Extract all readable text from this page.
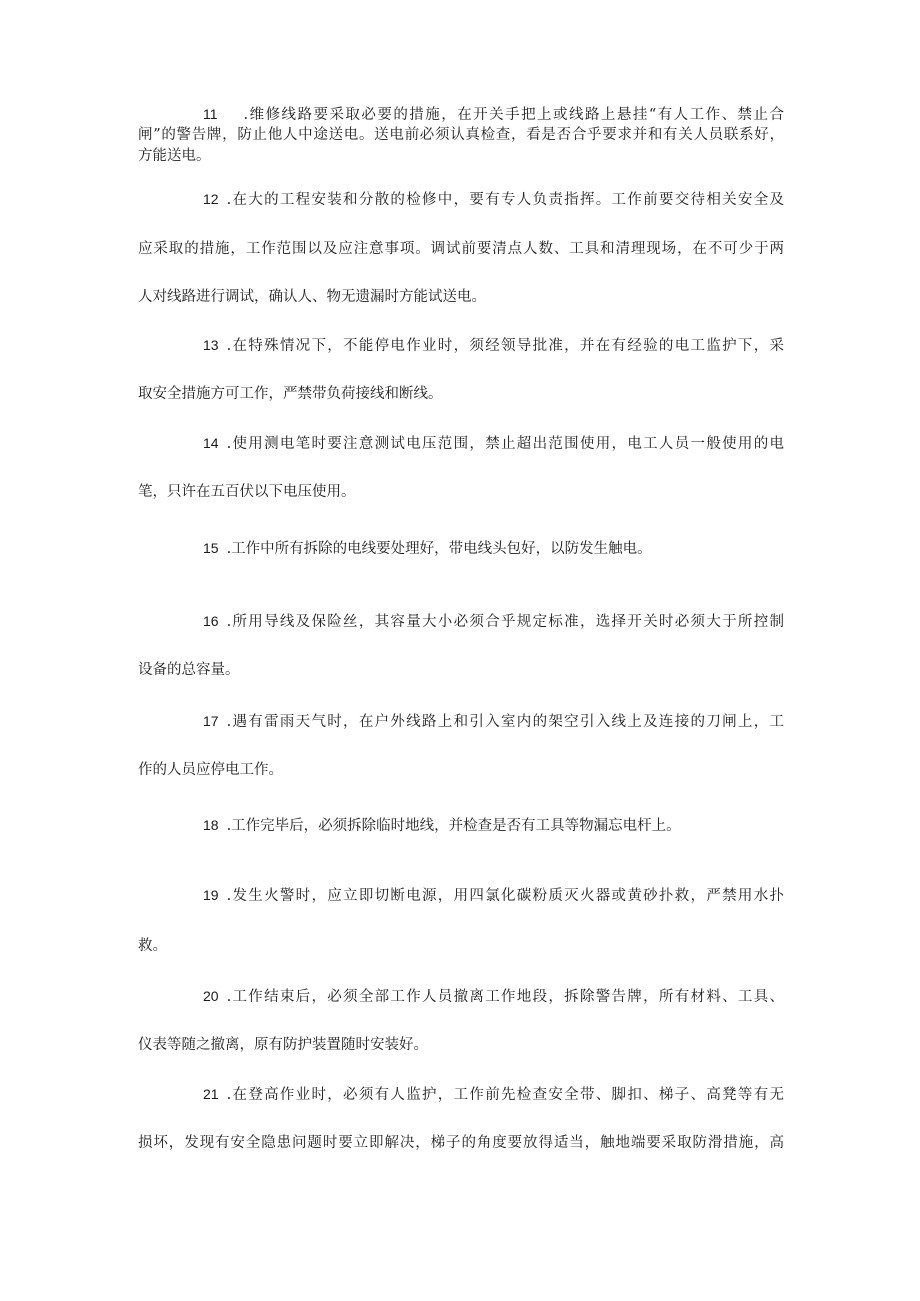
11 .维修线路要采取必要的措施，在开关手把上或线路上悬挂“有人工作、禁止合
闸”的警告牌，防止他人中途送电。送电前必须认真检查，看是否合乎要求并和有关人员联系好，
方能送电。
12 .在大的工程安装和分散的检修中，要有专人负责指挥。工作前要交待相关安全及
应采取的措施，工作范围以及应注意事项。调试前要清点人数、工具和清理现场，在不可少于两
人对线路进行调试，确认人、物无遗漏时方能试送电。
13 .在特殊情况下，不能停电作业时，须经领导批准，并在有经验的电工监护下，采
取安全措施方可工作，严禁带负荷接线和断线。
14 .使用测电笔时要注意测试电压范围，禁止超出范围使用，电工人员一般使用的电
笔，只许在五百伏以下电压使用。
15 .工作中所有拆除的电线要处理好，带电线头包好，以防发生触电。
16 .所用导线及保险丝，其容量大小必须合乎规定标准，选择开关时必须大于所控制
设备的总容量。
17 .遇有雷雨天气时，在户外线路上和引入室内的架空引入线上及连接的刀闸上，工
作的人员应停电工作。
18 .工作完毕后，必须拆除临时地线，并检查是否有工具等物漏忘电杆上。
19 .发生火警时，应立即切断电源，用四氯化碳粉质灭火器或黄砂扑救，严禁用水扑
救。
20 .工作结束后，必须全部工作人员撤离工作地段，拆除警告牌，所有材料、工具、
仪表等随之撤离，原有防护装置随时安装好。
21 .在登高作业时，必须有人监护，工作前先检查安全带、脚扣、梯子、高凳等有无
损坏，发现有安全隐患问题时要立即解决，梯子的角度要放得适当，触地端要采取防滑措施，高
